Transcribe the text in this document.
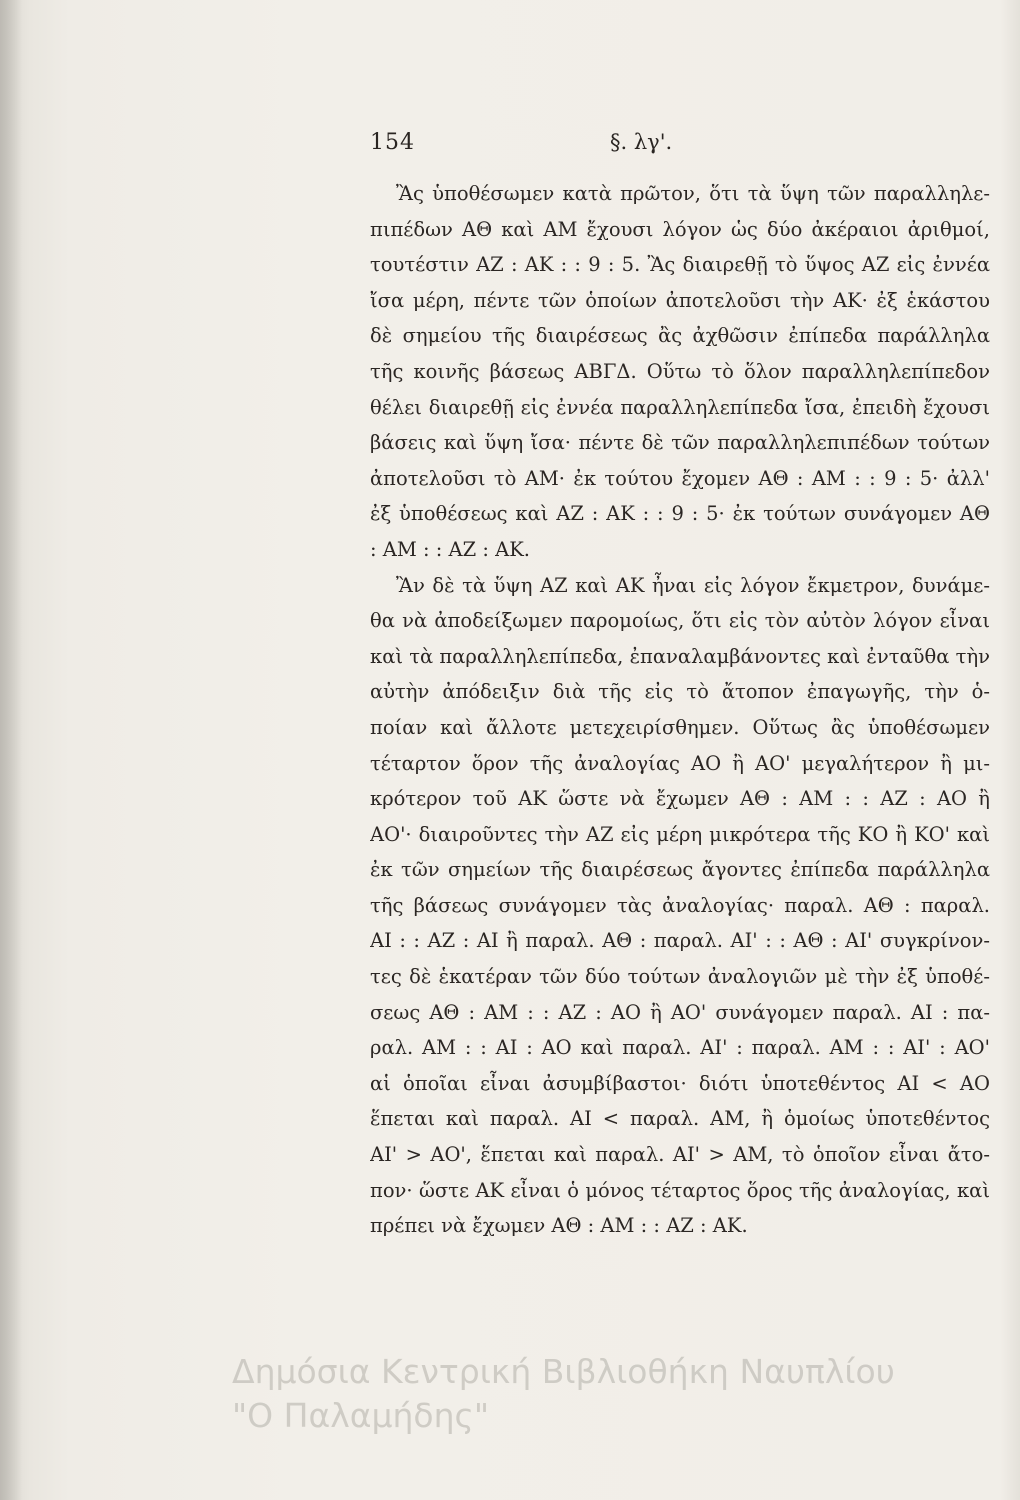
154	§. λγ'.
Ἂς ὑποθέσωμεν κατὰ πρῶτον, ὅτι τὰ ὕψη τῶν παραλληλε-
πιπέδων ΑΘ καὶ ΑΜ ἔχουσι λόγον ὡς δύο ἀκέραιοι ἀριθμοί,
τουτέστιν ΑΖ : ΑΚ : : 9 : 5. Ἂς διαιρεθῇ τὸ ὕψος ΑΖ εἰς ἐννέα
ἴσα μέρη, πέντε τῶν ὁποίων ἀποτελοῦσι τὴν ΑΚ· ἐξ ἑκάστου
δὲ σημείου τῆς διαιρέσεως ἂς ἀχθῶσιν ἐπίπεδα παράλληλα
τῆς κοινῆς βάσεως ΑΒΓΔ. Οὕτω τὸ ὅλον παραλληλεπίπεδον
θέλει διαιρεθῇ εἰς ἐννέα παραλληλεπίπεδα ἴσα, ἐπειδὴ ἔχουσι
βάσεις καὶ ὕψη ἴσα· πέντε δὲ τῶν παραλληλεπιπέδων τούτων
ἀποτελοῦσι τὸ ΑΜ· ἐκ τούτου ἔχομεν ΑΘ : ΑΜ : : 9 : 5· ἀλλ'
ἐξ ὑποθέσεως καὶ ΑΖ : ΑΚ : : 9 : 5· ἐκ τούτων συνάγομεν ΑΘ
: ΑΜ : : ΑΖ : ΑΚ.
Ἂν δὲ τὰ ὕψη ΑΖ καὶ ΑΚ ἦναι εἰς λόγον ἔκμετρον, δυνάμε-
θα νὰ ἀποδείξωμεν παρομοίως, ὅτι εἰς τὸν αὐτὸν λόγον εἶναι
καὶ τὰ παραλληλεπίπεδα, ἐπαναλαμβάνοντες καὶ ἐνταῦθα τὴν
αὐτὴν ἀπόδειξιν διὰ τῆς εἰς τὸ ἄτοπον ἐπαγωγῆς, τὴν ὁ-
ποίαν καὶ ἄλλοτε μετεχειρίσθημεν. Οὕτως ἂς ὑποθέσωμεν
τέταρτον ὅρον τῆς ἀναλογίας ΑΟ ἢ ΑΟ' μεγαλήτερον ἢ μι-
κρότερον τοῦ ΑΚ ὥστε νὰ ἔχωμεν ΑΘ : ΑΜ : : ΑΖ : ΑΟ ἢ
ΑΟ'· διαιροῦντες τὴν ΑΖ εἰς μέρη μικρότερα τῆς ΚΟ ἢ ΚΟ' καὶ
ἐκ τῶν σημείων τῆς διαιρέσεως ἄγοντες ἐπίπεδα παράλληλα
τῆς βάσεως συνάγομεν τὰς ἀναλογίας· παραλ. ΑΘ : παραλ.
ΑΙ : : ΑΖ : ΑΙ ἢ παραλ. ΑΘ : παραλ. ΑΙ' : : ΑΘ : ΑΙ' συγκρίνον-
τες δὲ ἑκατέραν τῶν δύο τούτων ἀναλογιῶν μὲ τὴν ἐξ ὑποθέ-
σεως ΑΘ : ΑΜ : : ΑΖ : ΑΟ ἢ ΑΟ' συνάγομεν παραλ. ΑΙ : πα-
ραλ. ΑΜ : : ΑΙ : ΑΟ καὶ παραλ. ΑΙ' : παραλ. ΑΜ : : ΑΙ' : ΑΟ'
αἱ ὁποῖαι εἶναι ἀσυμβίβαστοι· διότι ὑποτεθέντος ΑΙ < ΑΟ
ἕπεται καὶ παραλ. ΑΙ < παραλ. ΑΜ, ἢ ὁμοίως ὑποτεθέντος
ΑΙ' > ΑΟ', ἕπεται καὶ παραλ. ΑΙ' > ΑΜ, τὸ ὁποῖον εἶναι ἄτο-
πον· ὥστε ΑΚ εἶναι ὁ μόνος τέταρτος ὅρος τῆς ἀναλογίας, καὶ
πρέπει νὰ ἔχωμεν ΑΘ : ΑΜ : : ΑΖ : ΑΚ.
Δημόσια Κεντρική Βιβλιοθήκη Ναυπλίου
"Ο Παλαμήδης"
